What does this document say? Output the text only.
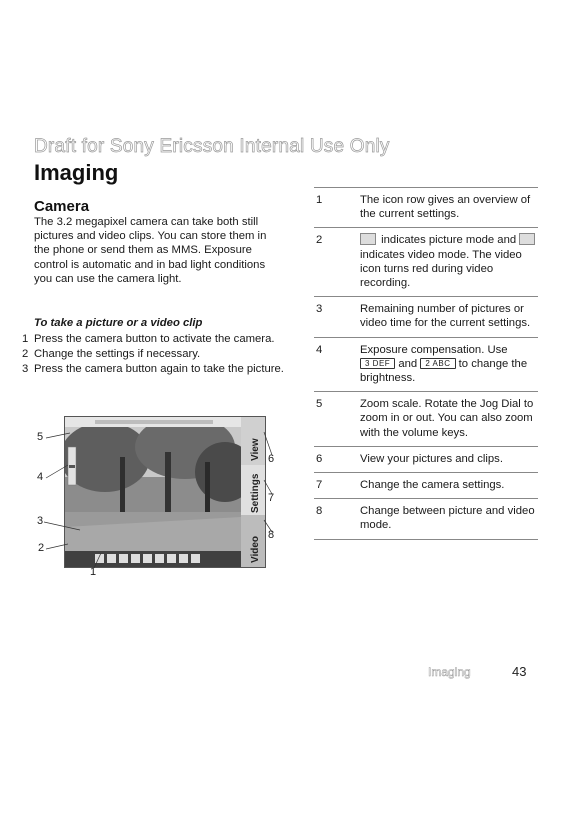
Draft for Sony Ericsson Internal Use Only
Imaging
Camera
The 3.2 megapixel camera can take both still pictures and video clips. You can store them in the phone or send them as MMS. Exposure control is automatic and in bad light conditions you can use the camera light.
To take a picture or a video clip
1 Press the camera button to activate the camera.
2 Change the settings if necessary.
3 Press the camera button again to take the picture.
View
Settings
Video
1
2
3
4
5
6
7
8
1	The icon row gives an overview of the current settings.
2	indicates picture mode and  indicates video mode. The video icon turns red during video recording.
3	Remaining number of pictures or video time for the current settings.
4	Exposure compensation. Use 3 DEF and 2 ABC to change the brightness.
5	Zoom scale. Rotate the Jog Dial to zoom in or out. You can also zoom with the volume keys.
6	View your pictures and clips.
7	Change the camera settings.
8	Change between picture and video mode.
Imaging	43
